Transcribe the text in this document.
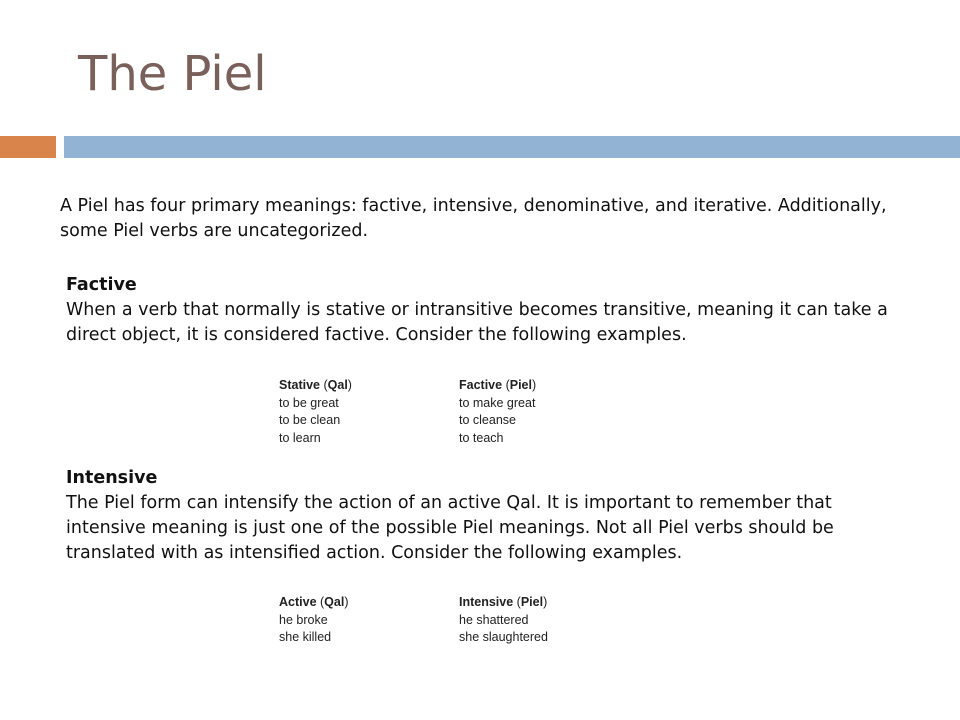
The Piel

A Piel has four primary meanings: factive, intensive, denominative, and iterative. Additionally, some Piel verbs are uncategorized.

Factive

When a verb that normally is stative or intransitive becomes transitive, meaning it can take a direct object, it is considered factive. Consider the following examples.

Stative (Qal)	Factive (Piel)
to be great	to make great
to be clean	to cleanse
to learn	to teach

Intensive

The Piel form can intensify the action of an active Qal. It is important to remember that intensive meaning is just one of the possible Piel meanings. Not all Piel verbs should be translated with as intensified action. Consider the following examples.

Active (Qal)	Intensive (Piel)
he broke	he shattered
she killed	she slaughtered
